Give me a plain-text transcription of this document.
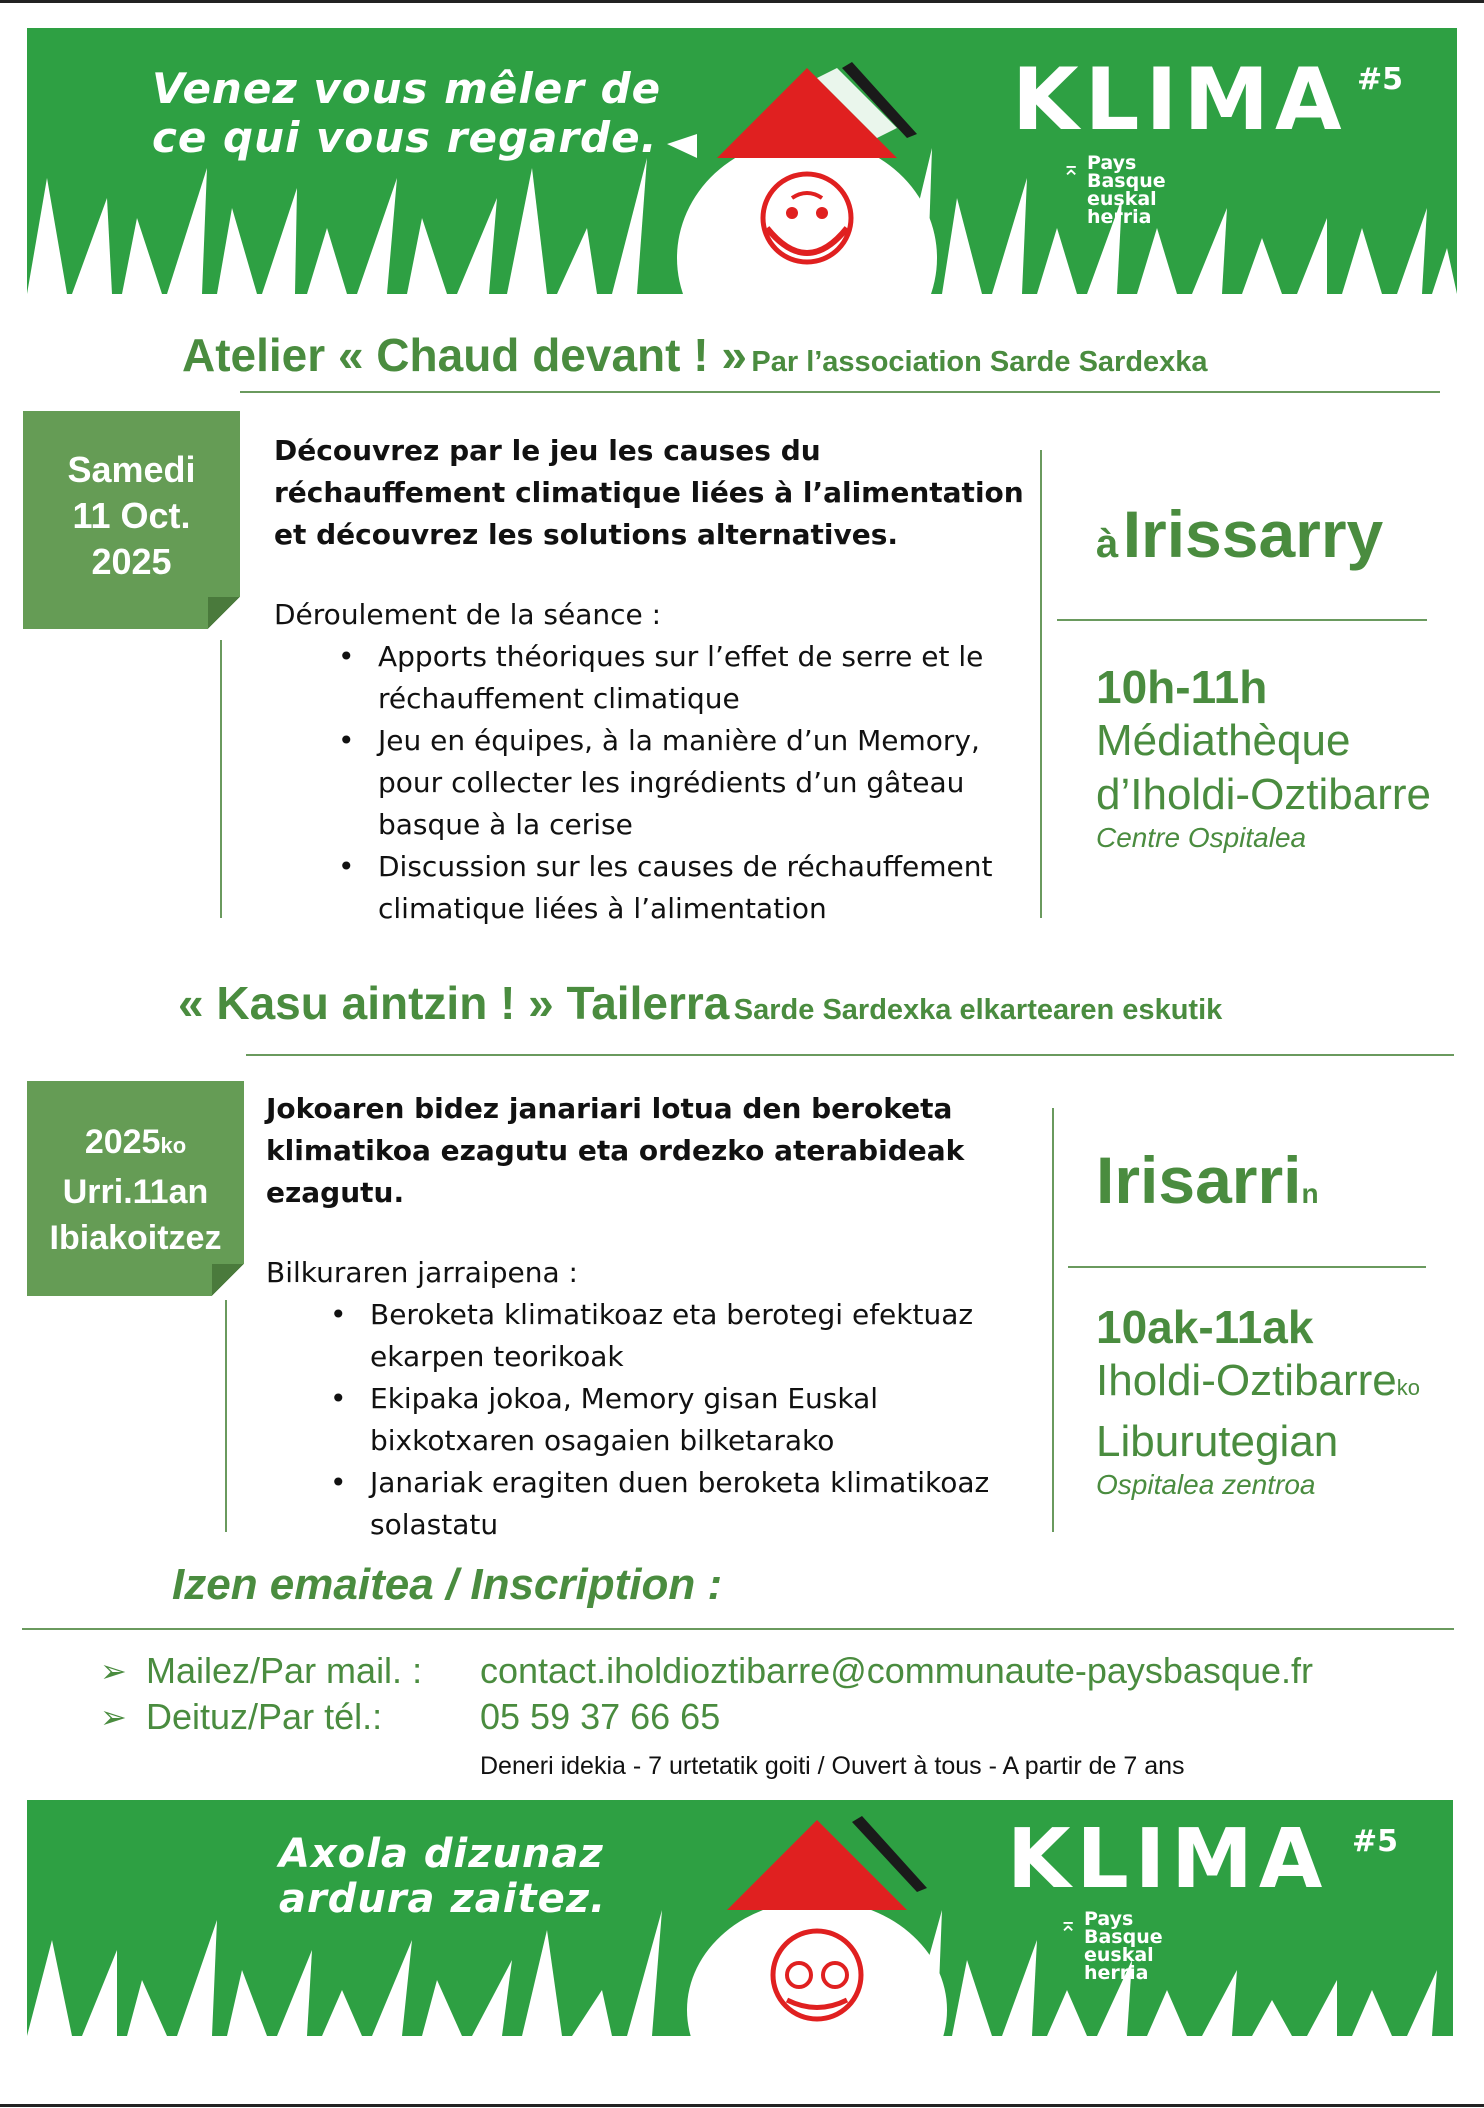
Venez vous mêler de
ce qui vous regarde.	KLIMA #5
⌅ Pays
Basque
euskal
herria
Atelier « Chaud devant ! » Par l’association Sarde Sardexka
Samedi
11 Oct.
2025
Découvrez par le jeu les causes du réchauffement climatique liées à l’alimentation et découvrez les solutions alternatives.
Déroulement de la séance :
• Apports théoriques sur l’effet de serre et le réchauffement climatique
• Jeu en équipes, à la manière d’un Memory, pour collecter les ingrédients d’un gâteau basque à la cerise
• Discussion sur les causes de réchauffement climatique liées à l’alimentation
à Irissarry
10h-11h
Médiathèque
d’Iholdi-Oztibarre
Centre Ospitalea
« Kasu aintzin ! » Tailerra Sarde Sardexka elkartearen eskutik
2025ko
Urri.11an
Ibiakoitzez
Jokoaren bidez janariari lotua den beroketa klimatikoa ezagutu eta ordezko aterabideak ezagutu.
Bilkuraren jarraipena :
• Beroketa klimatikoaz eta berotegi efektuaz ekarpen teorikoak
• Ekipaka jokoa, Memory gisan Euskal bixkotxaren osagaien bilketarako
• Janariak eragiten duen beroketa klimatikoaz solastatu
Irisarrin
10ak-11ak
Iholdi-Oztibarreko
Liburutegian
Ospitalea zentroa
Izen emaitea / Inscription :
➢ Mailez/Par mail. : contact.iholdioztibarre@communaute-paysbasque.fr
➢ Deituz/Par tél.:	05 59 37 66 65
Deneri idekia - 7 urtetatik goiti / Ouvert à tous - A partir de 7 ans
Axola dizunaz
ardura zaitez.	KLIMA #5
⌅ Pays
Basque
euskal
herria
